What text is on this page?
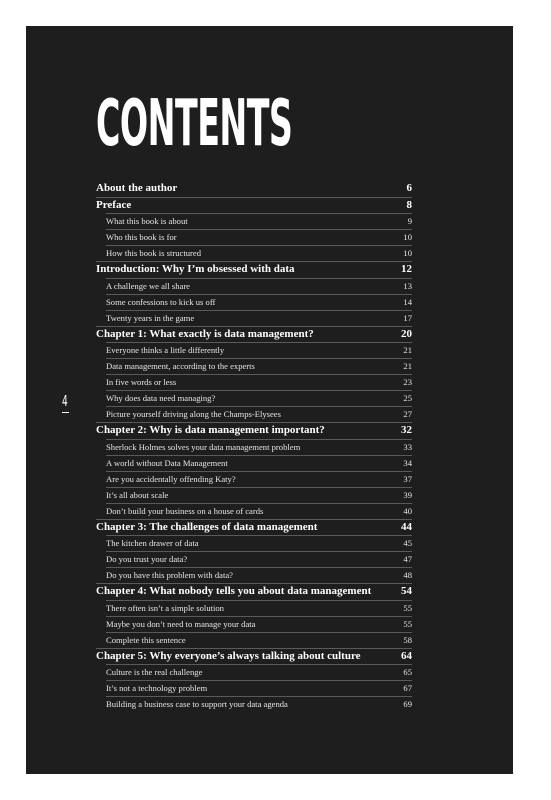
CONTENTS
4
About the author	6
Preface	8
What this book is about	9
Who this book is for	10
How this book is structured	10
Introduction: Why I’m obsessed with data	12
A challenge we all share	13
Some confessions to kick us off	14
Twenty years in the game	17
Chapter 1: What exactly is data management?	20
Everyone thinks a little differently	21
Data management, according to the experts	21
In five words or less	23
Why does data need managing?	25
Picture yourself driving along the Champs-Elysees	27
Chapter 2: Why is data management important?	32
Sherlock Holmes solves your data management problem	33
A world without Data Management	34
Are you accidentally offending Katy?	37
It’s all about scale	39
Don’t build your business on a house of cards	40
Chapter 3: The challenges of data management	44
The kitchen drawer of data	45
Do you trust your data?	47
Do you have this problem with data?	48
Chapter 4: What nobody tells you about data management	54
There often isn’t a simple solution	55
Maybe you don’t need to manage your data	55
Complete this sentence	58
Chapter 5: Why everyone’s always talking about culture	64
Culture is the real challenge	65
It’s not a technology problem	67
Building a business case to support your data agenda	69
